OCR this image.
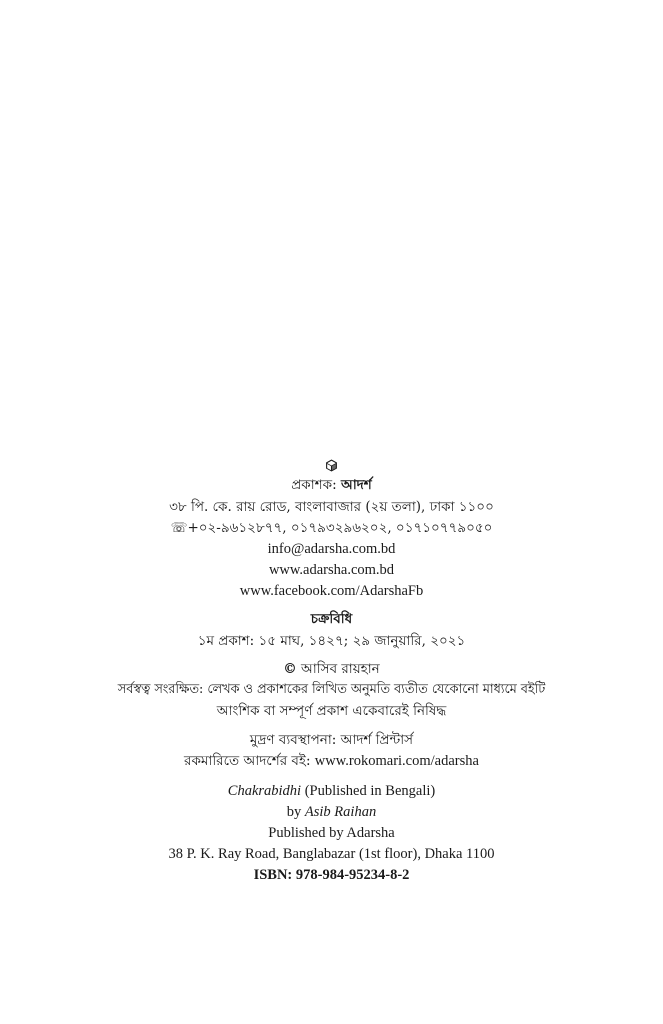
প্রকাশক: আদর্শ
৩৮ পি. কে. রায় রোড, বাংলাবাজার (২য় তলা), ঢাকা ১১০০
☏+০২-৯৬১২৮৭৭, ০১৭৯৩২৯৬২০২, ০১৭১০৭৭৯০৫০
info@adarsha.com.bd
www.adarsha.com.bd
www.facebook.com/AdarshaFb
চক্রবিধি
১ম প্রকাশ: ১৫ মাঘ, ১৪২৭; ২৯ জানুয়ারি, ২০২১
© আসিব রায়হান
সর্বস্বত্ব সংরক্ষিত: লেখক ও প্রকাশকের লিখিত অনুমতি ব্যতীত যেকোনো মাধ্যমে বইটি
আংশিক বা সম্পূর্ণ প্রকাশ একেবারেই নিষিদ্ধ
মুদ্রণ ব্যবস্থাপনা: আদর্শ প্রিন্টার্স
রকমারিতে আদর্শের বই: www.rokomari.com/adarsha
Chakrabidhi (Published in Bengali)
by Asib Raihan
Published by Adarsha
38 P. K. Ray Road, Banglabazar (1st floor), Dhaka 1100
ISBN: 978-984-95234-8-2
